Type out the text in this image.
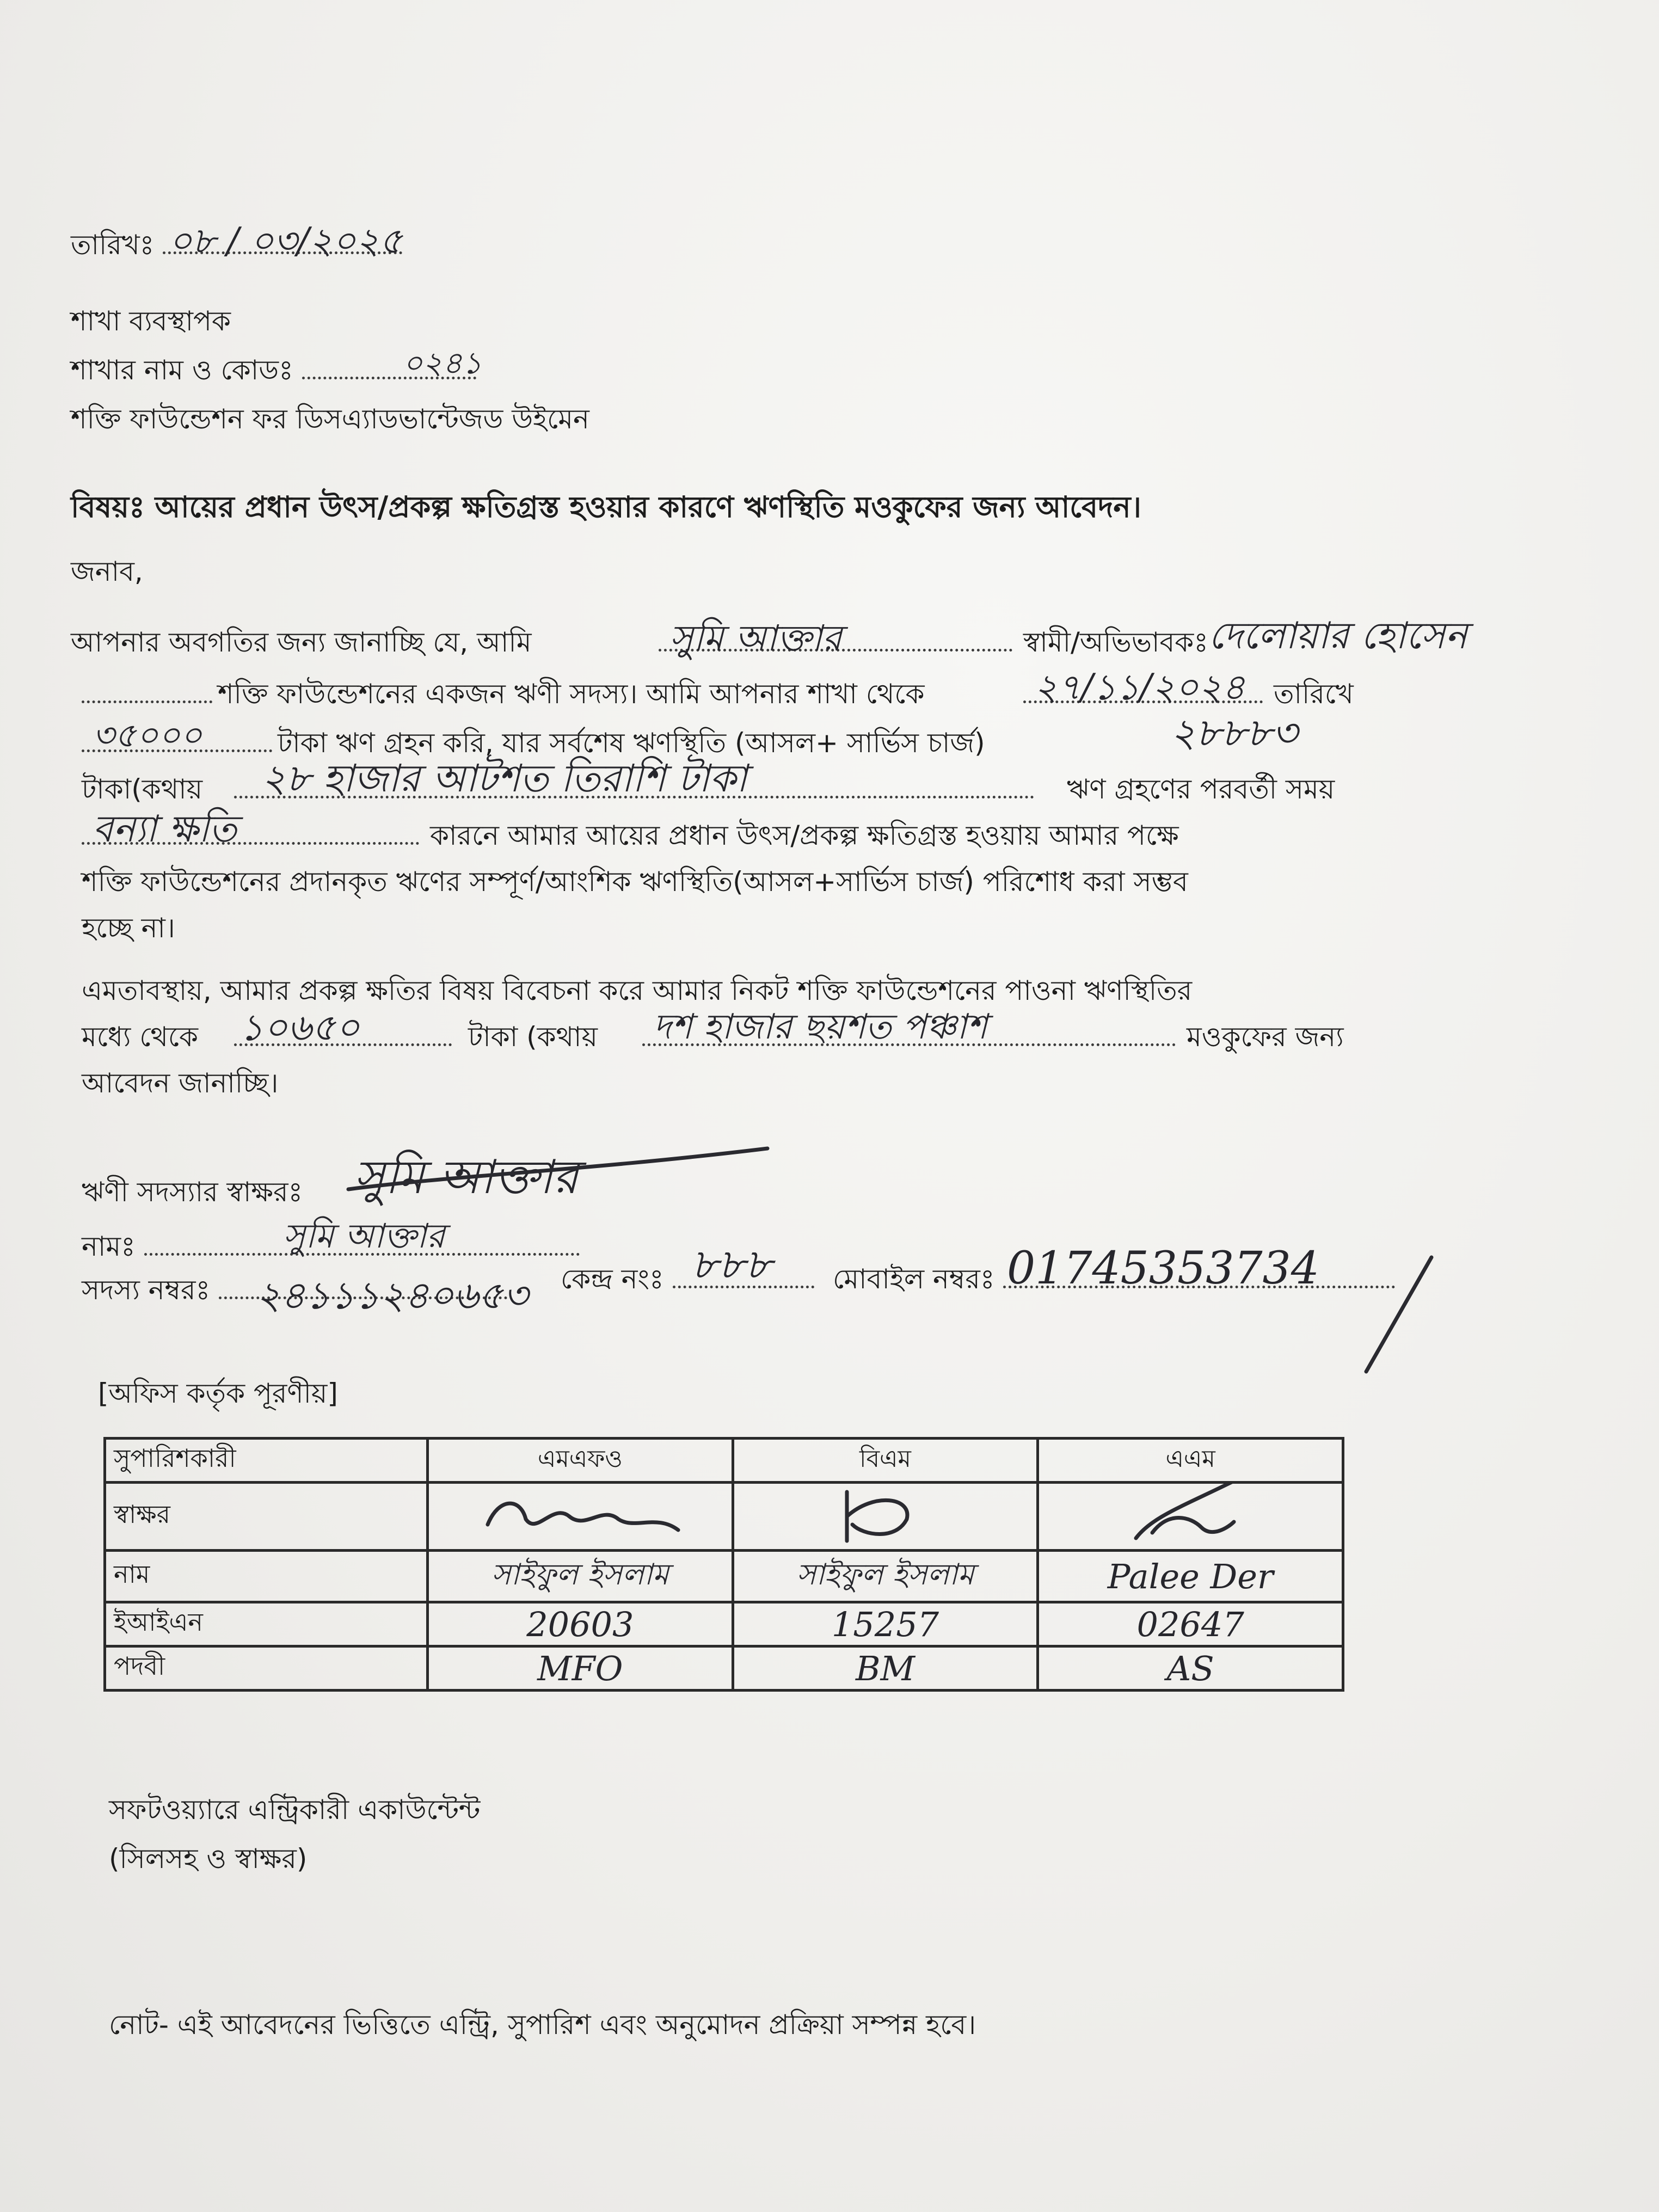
তারিখঃ ০৮ / ০৩/২০২৫
শাখা ব্যবস্থাপক
শাখার নাম ও কোডঃ	০২৪১
শক্তি ফাউন্ডেশন ফর ডিসএ্যাডভান্টেজড উইমেন
বিষয়ঃ আয়ের প্রধান উৎস/প্রকল্প ক্ষতিগ্রস্ত হওয়ার কারণে ঋণস্থিতি মওকুফের জন্য আবেদন।
জনাব,
আপনার অবগতির জন্য জানাচ্ছি যে, আমি	সুমি আক্তার	স্বামী/অভিভাবকঃ দেলোয়ার হোসেন
শক্তি ফাউন্ডেশনের একজন ঋণী সদস্য। আমি আপনার শাখা থেকে	২৭/১১/২০২৪ তারিখে
৩৫০০০	টাকা ঋণ গ্রহন করি, যার সর্বশেষ ঋণস্থিতি (আসল+ সার্ভিস চার্জ)	২৮৮৮৩
টাকা(কথায় ২৮ হাজার আটশত তিরাশি টাকা	ঋণ গ্রহণের পরবর্তী সময়
বন্যা ক্ষতি	কারনে আমার আয়ের প্রধান উৎস/প্রকল্প ক্ষতিগ্রস্ত হওয়ায় আমার পক্ষে
শক্তি ফাউন্ডেশনের প্রদানকৃত ঋণের সম্পূর্ণ/আংশিক ঋণস্থিতি(আসল+সার্ভিস চার্জ) পরিশোধ করা সম্ভব
হচ্ছে না।
এমতাবস্থায়, আমার প্রকল্প ক্ষতির বিষয় বিবেচনা করে আমার নিকট শক্তি ফাউন্ডেশনের পাওনা ঋণস্থিতির
মধ্যে থেকে ১০৬৫০	টাকা (কথায় দশ হাজার ছয়শত পঞ্চাশ	মওকুফের জন্য
আবেদন জানাচ্ছি।
ঋণী সদস্যার স্বাক্ষরঃ সুমি আক্তার
নামঃ	সুমি আক্তার
সদস্য নম্বরঃ	২৪১১১২৪০৬৫৩ কেন্দ্র নংঃ ৮৮৮ মোবাইল নম্বরঃ 01745353734
[অফিস কর্তৃক পূরণীয়]
সুপারিশকারী	এমএফও	বিএম	এএম
স্বাক্ষর	

নাম	সাইফুল ইসলাম	সাইফুল ইসলাম	Palee Der
ইআইএন	20603	15257	02647
পদবী	MFO	BM	AS
সফটওয়্যারে এন্ট্রিকারী একাউন্টেন্ট
(সিলসহ ও স্বাক্ষর)
নোট- এই আবেদনের ভিত্তিতে এন্ট্রি, সুপারিশ এবং অনুমোদন প্রক্রিয়া সম্পন্ন হবে।
